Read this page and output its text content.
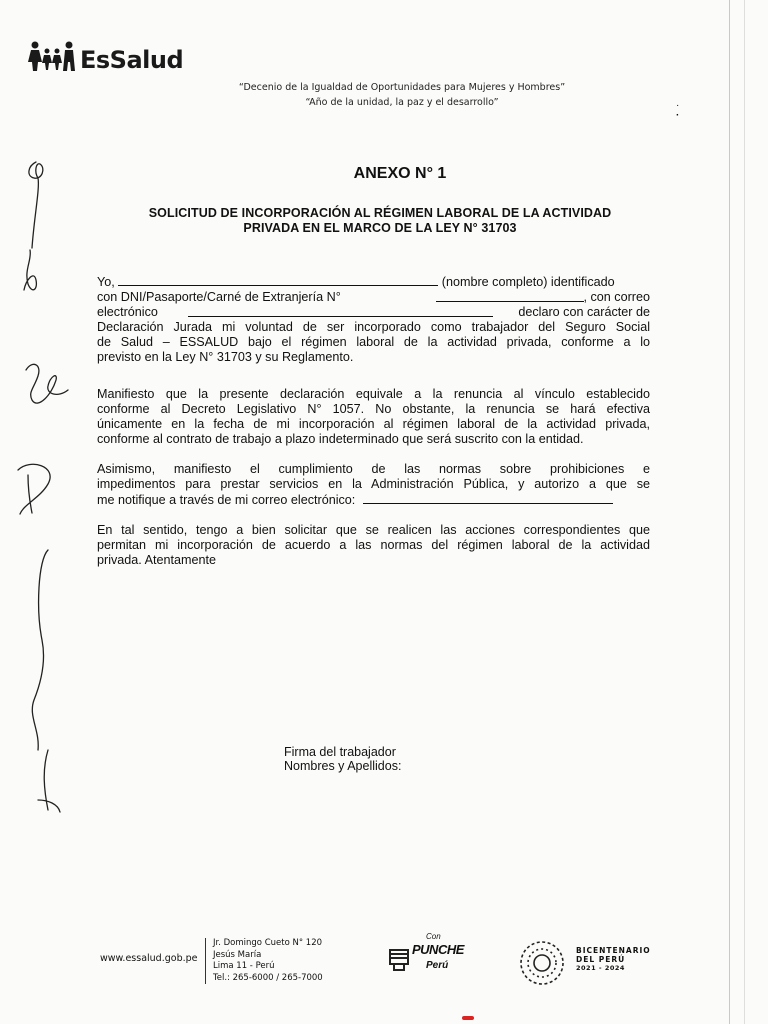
EsSalud
“Decenio de la Igualdad de Oportunidades para Mujeres y Hombres”
“Año de la unidad, la paz y el desarrollo”	·
·
ANEXO N° 1
SOLICITUD DE INCORPORACIÓN AL RÉGIMEN LABORAL DE LA ACTIVIDAD
PRIVADA EN EL MARCO DE LA LEY N° 31703
Yo,	(nombre completo) identificado
con DNI/Pasaporte/Carné de Extranjería N°	, con correo
electrónico	declaro con carácter de
Declaración Jurada mi voluntad de ser incorporado como trabajador del Seguro Social
de Salud – ESSALUD bajo el régimen laboral de la actividad privada, conforme a lo
previsto en la Ley N° 31703 y su Reglamento.
Manifiesto que la presente declaración equivale a la renuncia al vínculo establecido
conforme al Decreto Legislativo N° 1057. No obstante, la renuncia se hará efectiva
únicamente en la fecha de mi incorporación al régimen laboral de la actividad privada,
conforme al contrato de trabajo a plazo indeterminado que será suscrito con la entidad.
Asimismo, manifiesto el cumplimiento de las normas sobre prohibiciones e
impedimentos para prestar servicios en la Administración Pública, y autorizo a que se
me notifique a través de mi correo electrónico:
En tal sentido, tengo a bien solicitar que se realicen las acciones correspondientes que
permitan mi incorporación de acuerdo a las normas del régimen laboral de la actividad
privada. Atentamente
Firma del trabajador
Nombres y Apellidos:
www.essalud.gob.pe
Jr. Domingo Cueto N° 120
Jesús María
Lima 11 - Perú
Tel.: 265-6000 / 265-7000
Con
PUNCHE
Perú
BICENTENARIO
DEL PERÚ
2021 - 2024
